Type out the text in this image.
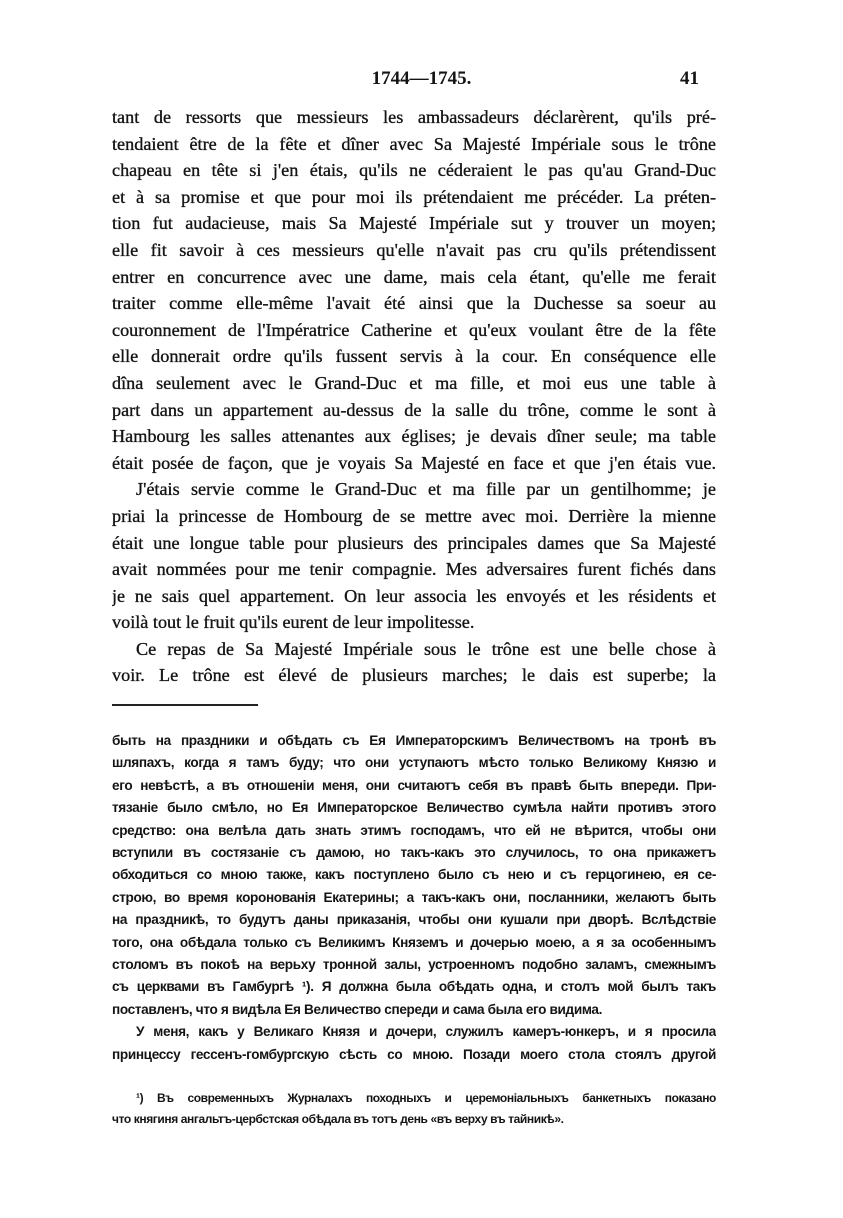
1744—1745.	41
tant de ressorts que messieurs les ambassadeurs déclarèrent, qu'ils pré-
tendaient être de la fête et dîner avec Sa Majesté Impériale sous le trône
chapeau en tête si j'en étais, qu'ils ne céderaient le pas qu'au Grand-Duc
et à sa promise et que pour moi ils prétendaient me précéder. La préten-
tion fut audacieuse, mais Sa Majesté Impériale sut y trouver un moyen;
elle fit savoir à ces messieurs qu'elle n'avait pas cru qu'ils prétendissent
entrer en concurrence avec une dame, mais cela étant, qu'elle me ferait
traiter comme elle-même l'avait été ainsi que la Duchesse sa soeur au
couronnement de l'Impératrice Catherine et qu'eux voulant être de la fête
elle donnerait ordre qu'ils fussent servis à la cour. En conséquence elle
dîna seulement avec le Grand-Duc et ma fille, et moi eus une table à
part dans un appartement au-dessus de la salle du trône, comme le sont à
Hambourg les salles attenantes aux églises; je devais dîner seule; ma table
était posée de façon, que je voyais Sa Majesté en face et que j'en étais vue.
J'étais servie comme le Grand-Duc et ma fille par un gentilhomme; je
priai la princesse de Hombourg de se mettre avec moi. Derrière la mienne
était une longue table pour plusieurs des principales dames que Sa Majesté
avait nommées pour me tenir compagnie. Mes adversaires furent fichés dans
je ne sais quel appartement. On leur associa les envoyés et les résidents et
voilà tout le fruit qu'ils eurent de leur impolitesse.
Ce repas de Sa Majesté Impériale sous le trône est une belle chose à
voir. Le trône est élevé de plusieurs marches; le dais est superbe; la
быть на праздники и обѣдать съ Ея Императорскимъ Величествомъ на тронѣ въ
шляпахъ, когда я тамъ буду; что они уступаютъ мѣсто только Великому Князю и
его невѣстѣ, а въ отношеніи меня, они считаютъ себя въ правѣ быть впереди. При-
тязаніе было смѣло, но Ея Императорское Величество сумѣла найти противъ этого
средство: она велѣла дать знать этимъ господамъ, что ей не вѣрится, чтобы они
вступили въ состязаніе съ дамою, но такъ-какъ это случилось, то она прикажетъ
обходиться со мною также, какъ поступлено было съ нею и съ герцогинею, ея се-
строю, во время коронованія Екатерины; а такъ-какъ они, посланники, желаютъ быть
на праздникѣ, то будутъ даны приказанія, чтобы они кушали при дворѣ. Вслѣдствіе
того, она обѣдала только съ Великимъ Княземъ и дочерью моею, а я за особеннымъ
столомъ въ покоѣ на верьху тронной залы, устроенномъ подобно заламъ, смежнымъ
съ церквами въ Гамбургѣ ¹). Я должна была обѣдать одна, и столъ мой былъ такъ
поставленъ, что я видѣла Ея Величество спереди и сама была его видима.
У меня, какъ у Великаго Князя и дочери, служилъ камеръ-юнкеръ, и я просила
принцессу гессенъ-гомбургскую сѣсть со мною. Позади моего стола стоялъ другой
¹) Въ современныхъ Журналахъ походныхъ и церемоніальныхъ банкетныхъ показано
что княгиня ангальтъ-цербстская обѣдала въ тотъ день «въ верху въ тайникѣ».
